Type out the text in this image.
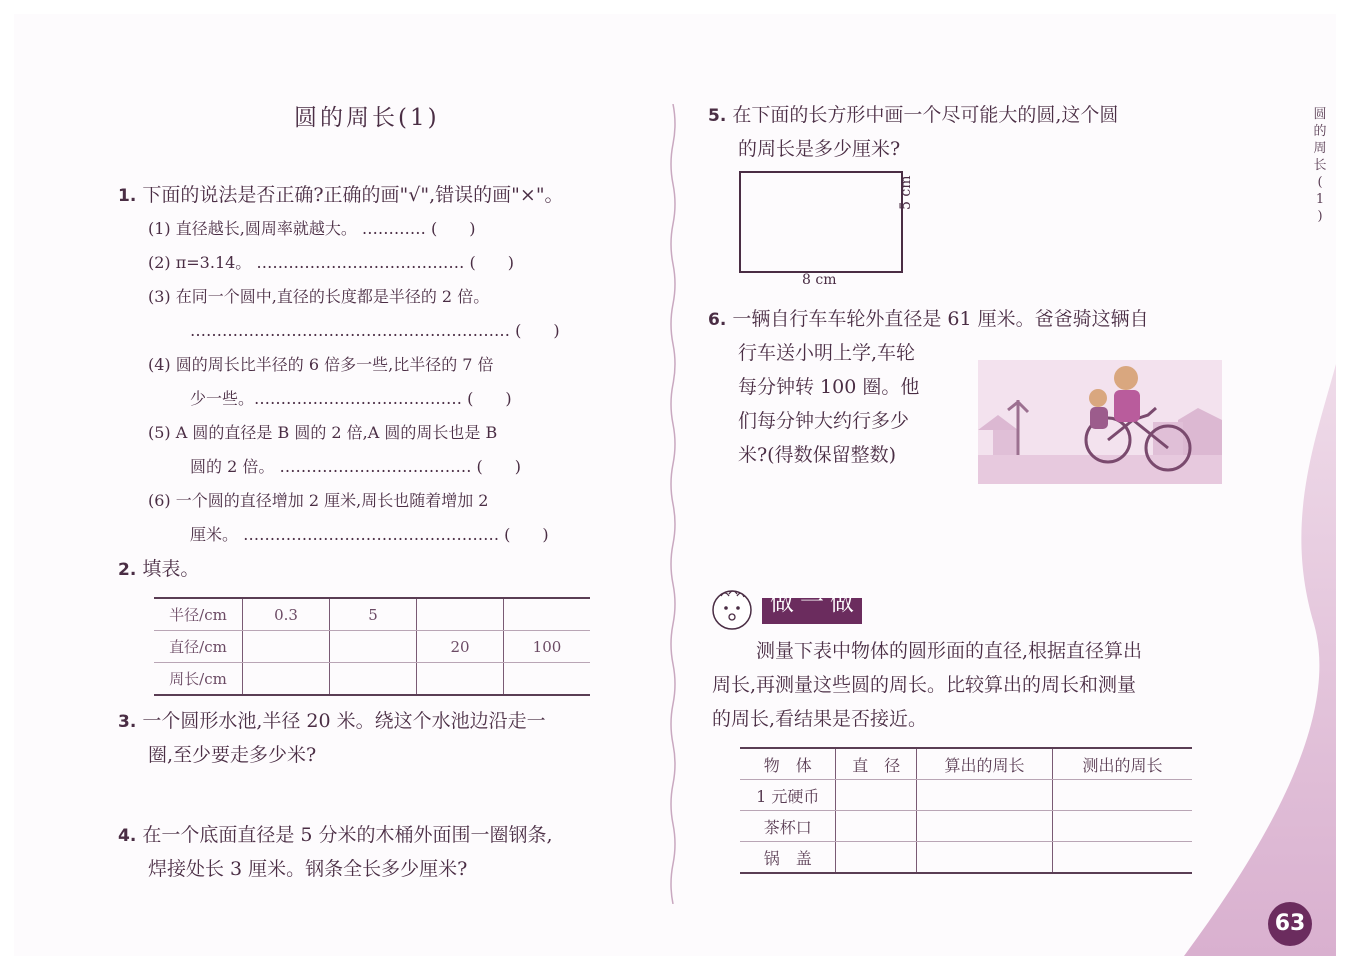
圆的周长(1)
1. 下面的说法是否正确?正确的画"√",错误的画"×"。
(1) 直径越长,圆周率就越大。 ………… (　　)
(2) π=3.14。 ………………………………… (　　)
(3) 在同一个圆中,直径的长度都是半径的 2 倍。
…………………………………………………… (　　)
(4) 圆的周长比半径的 6 倍多一些,比半径的 7 倍
少一些。………………………………… (　　)
(5) A 圆的直径是 B 圆的 2 倍,A 圆的周长也是 B
圆的 2 倍。 ……………………………… (　　)
(6) 一个圆的直径增加 2 厘米,周长也随着增加 2
厘米。 ………………………………………… (　　)
2. 填表。
半径/cm	0.3	5		
直径/cm			20	100
周长/cm				
3. 一个圆形水池,半径 20 米。绕这个水池边沿走一
圈,至少要走多少米?
4. 在一个底面直径是 5 分米的木桶外面围一圈钢条,
焊接处长 3 厘米。钢条全长多少厘米?
5. 在下面的长方形中画一个尽可能大的圆,这个圆
的周长是多少厘米?
8 cm
5 cm
6. 一辆自行车车轮外直径是 61 厘米。爸爸骑这辆自
行车送小明上学,车轮
每分钟转 100 圈。他
们每分钟大约行多少
米?(得数保留整数)
做一做
测量下表中物体的圆形面的直径,根据直径算出
周长,再测量这些圆的周长。比较算出的周长和测量
的周长,看结果是否接近。
物　体	直　径	算出的周长	测出的周长
1 元硬币			
茶杯口			
锅　盖			
圆
的
周
长
(
1
)
63
